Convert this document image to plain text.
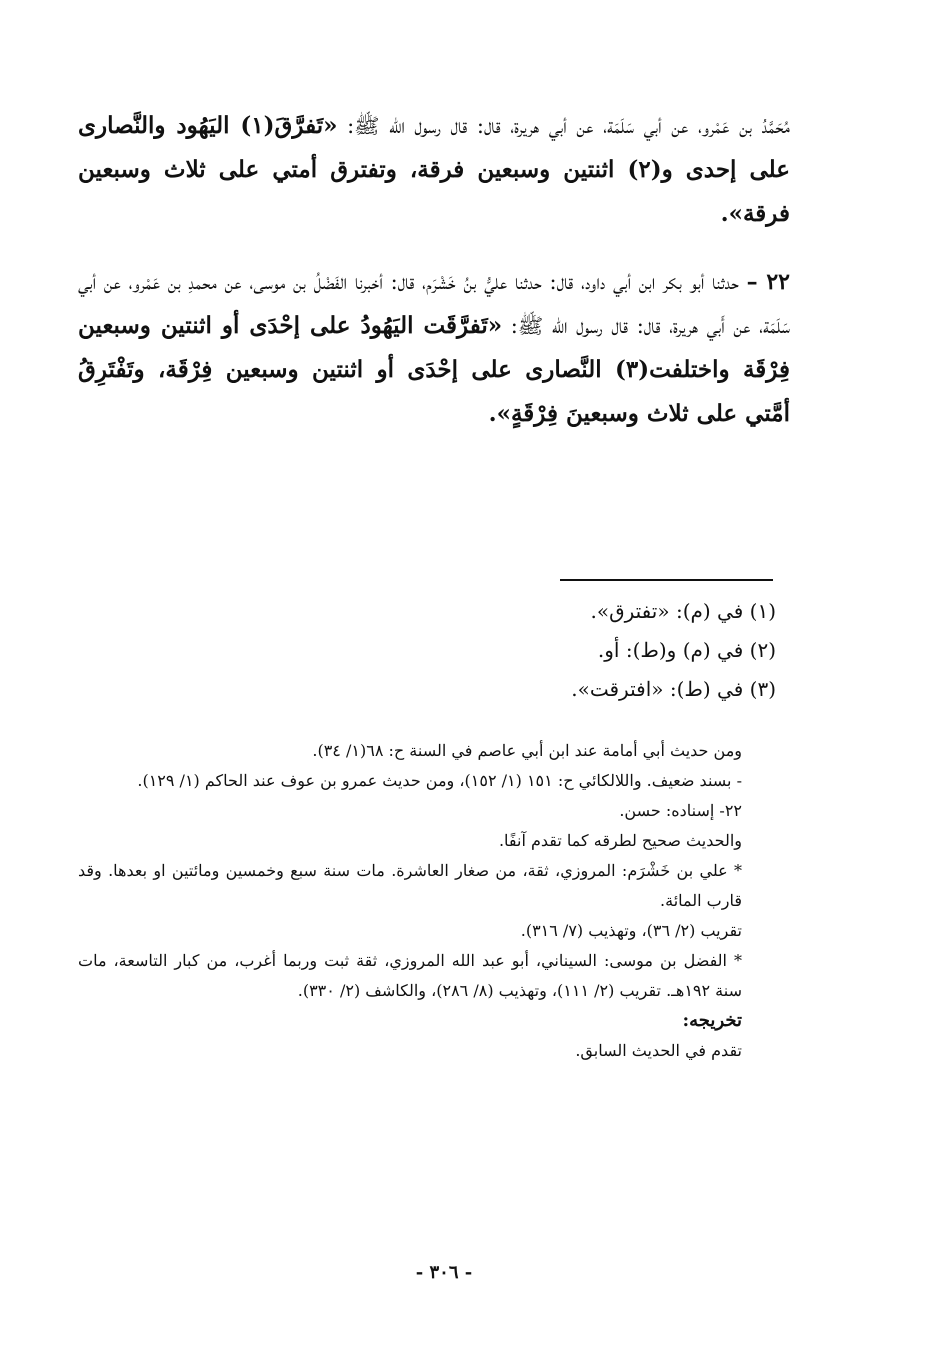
مُحَمَّدُ بن عَمْرو، عن أبي سَلَمَة، عن أبي هريرة، قال: قال رسول الله ﷺ: «تَفرَّقَ(١) اليَهُود والنَّصارى على إحدى و(٢) اثنتين وسبعين فرقة، وتفترق أمتي على ثلاث وسبعين فرقة».

٢٢ – حدثنا أبو بكر ابن أبي داود، قال: حدثنا عليُّ بنُ خَشْرَم، قال: أخبرنا الفَضْلُ بن موسى، عن محمدِ بن عَمْرو، عن أبي سَلَمَة، عن أَبي هريرة، قال: قال رسول الله ﷺ: «تَفرَّقَت اليَهُودُ على إحْدَى أو اثنتين وسبعين فِرْقَة واختلفت(٣) النَّصارى على إحْدَى أو اثنتين وسبعين فِرْقَة، وتَفْتَرِقُ أمَّتي على ثلاث وسبعينَ فِرْقَةٍ».

(١) في (م): «تفترق».
(٢) في (م) و(ط): أو.
(٣) في (ط): «افترقت».
ومن حديث أبي أمامة عند ابن أبي عاصم في السنة ح: ٦٨(١/ ٣٤).
- بسند ضعيف. واللالكائي ح: ١٥١ (١/ ١٥٢)، ومن حديث عمرو بن عوف عند الحاكم (١/ ١٢٩).
٢٢- إسناده: حسن.
والحديث صحيح لطرقه كما تقدم آنفًا.
* علي بن خَشْرَم: المروزي، ثقة، من صغار العاشرة. مات سنة سبع وخمسين ومائتين او بعدها. وقد قارب المائة.
تقريب (٢/ ٣٦)، وتهذيب (٧/ ٣١٦).
* الفضل بن موسى: السيناني، أبو عبد الله المروزي، ثقة ثبت وربما أغرب، من كبار التاسعة، مات سنة ١٩٢هـ. تقريب (٢/ ١١١)، وتهذيب (٨/ ٢٨٦)، والكاشف (٢/ ٣٣٠).
تخريجه:
تقدم في الحديث السابق.
- ٣٠٦ -
